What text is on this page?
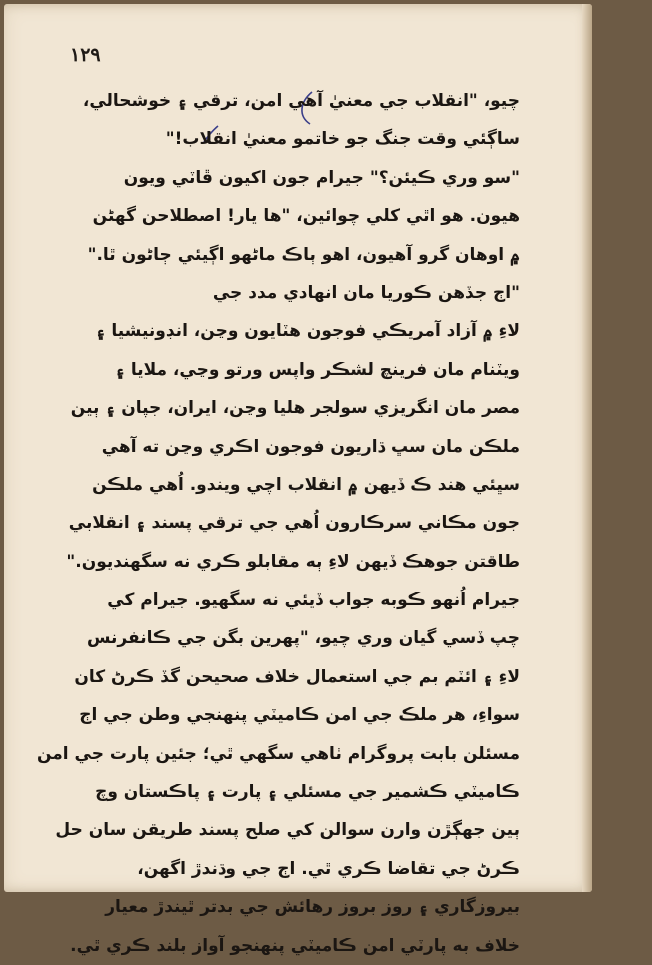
١٢٩
چيو، "انقلاب جي معنيٰ آهي امن، ترقي ۽ خوشحالي،
ساڳئي وقت جنگ جو خاتمو معنيٰ انقلاب!"
"سو وري ڪيئن؟" جيرام جون اکيون ڦاٽي ويون
هيون. هو اٿي کلي چوائين، "ها يار! اصطلاحن گهڻن
۾ اوهان گرو آهيون، اهو ٻاڪ ماڻهو اڳيئي ڄاڻون ٿا."
"اڄ جڏهن ڪوريا مان انهادي مدد جي
لاءِ ۾ آزاد آمريڪي فوجون هٽايون وڃن، انڊونيشيا ۽
ويٽنام مان فرينچ لشڪر واپس ورتو وڃي، ملايا ۽
مصر مان انگريزي سولجر هليا وڃن، ايران، جپان ۽ ٻين
ملڪن مان سڀ ڌاريون فوجون اڪري وڃن ته آهي
سڀئي هند ڪ ڏيهن ۾ انقلاب اچي ويندو. اُهي ملڪن
جون مڪاني سرڪارون اُهي جي ترقي پسند ۽ انقلابي
طاقتن جوهڪ ڏيهن لاءِ ٻه مقابلو ڪري نه سگهنديون."
جيرام اُنهو ڪوبه جواب ڏيئي نه سگهيو. جيرام کي
چپ ڏسي گيان وري چيو، "پهرين بگن جي ڪانفرنس
لاءِ ۽ ائٽم بم جي استعمال خلاف صحيحن گڏ ڪرڻ کان
سواءِ، هر ملڪ جي امن ڪاميٽي پنهنجي وطن جي اڄ
مسئلن بابت پروگرام ٺاهي سگهي ٿي؛ جئين پارت جي امن
ڪاميٽي ڪشمير جي مسئلي ۽ پارت ۽ پاڪستان وچ
ٻين جهڳڙن وارن سوالن کي صلح پسند طريقن سان حل
ڪرڻ جي تقاضا ڪري ٿي. اڄ جي وڌندڙ اگهن،
بيروزگاري ۽ روز بروز رهائش جي بدتر ٿيندڙ معيار
خلاف به پارٽي امن ڪاميٽي پنهنجو آواز بلند ڪري ٿي.
